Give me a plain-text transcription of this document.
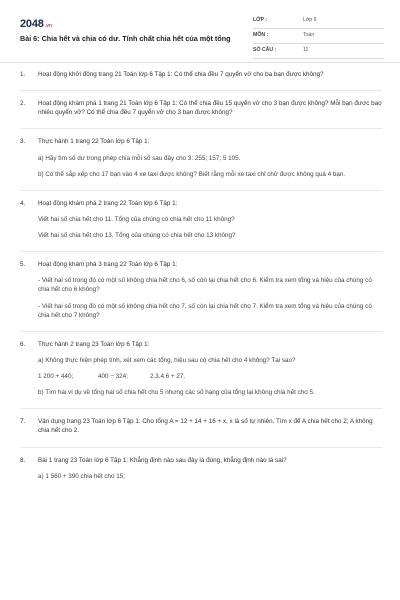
2048.vn
Bài 6: Chia hết và chia có dư. Tính chất chia hết của một tổng
LỚP :	Lớp 6
MÔN :	Toán
SỐ CÂU :	11
1. Hoạt động khởi động trang 21 Toán lớp 6 Tập 1: Có thể chia đều 7 quyển vở cho ba bạn được không?
2. Hoạt động khám phá 1 trang 21 Toán lớp 6 Tập 1: Có thể chia đều 15 quyển vở cho 3 bạn được không? Mỗi bạn được bao nhiêu quyển vở? Có thể chia đều 7 quyển vở cho 3 bạn được không?
3. Thực hành 1 trang 22 Toán lớp 6 Tập 1:
a) Hãy tìm số dư trong phép chia mỗi số sau đây cho 3: 255; 157; 5 105.
b) Có thể sắp xếp cho 17 bạn vào 4 xe taxi được không? Biết rằng mỗi xe taxi chỉ chở được không quá 4 bạn.
4. Hoạt động khám phá 2 trang 22 Toán lớp 6 Tập 1:
Viết hai số chia hết cho 11. Tổng của chúng có chia hết cho 11 không?
Viết hai số chia hết cho 13. Tổng của chúng có chia hết cho 13 không?
5. Hoạt động khám phá 3 trang 22 Toán lớp 6 Tập 1:
- Viết hai số trong đó có một số không chia hết cho 6, số còn lại chia hết cho 6. Kiểm tra xem tổng và hiệu của chúng có chia hết cho 6 không?
- Viết hai số trong đó có một số không chia hết cho 7, số còn lại chia hết cho 7. Kiểm tra xem tổng và hiệu của chúng có chia hết cho 7 không?
6. Thực hành 2 trang 23 Toán lớp 6 Tập 1:
a) Không thực hiện phép tính, xét xem các tổng, hiệu sau có chia hết cho 4 không? Tại sao?
1 200 + 440;	400 − 324;	2.3.4.6 + 27.
b) Tìm hai ví dụ về tổng hai số chia hết cho 5 nhưng các số hạng của tổng lại không chia hết cho 5.
7. Vận dụng trang 23 Toán lớp 6 Tập 1: Cho tổng A = 12 + 14 + 16 + x, x là số tự nhiên. Tìm x để A chia hết cho 2; A không chia hết cho 2.
8. Bài 1 trang 23 Toán lớp 6 Tập 1: Khẳng định nào sau đây là đúng, khẳng định nào là sai?
a) 1 560 + 390 chia hết cho 15;
